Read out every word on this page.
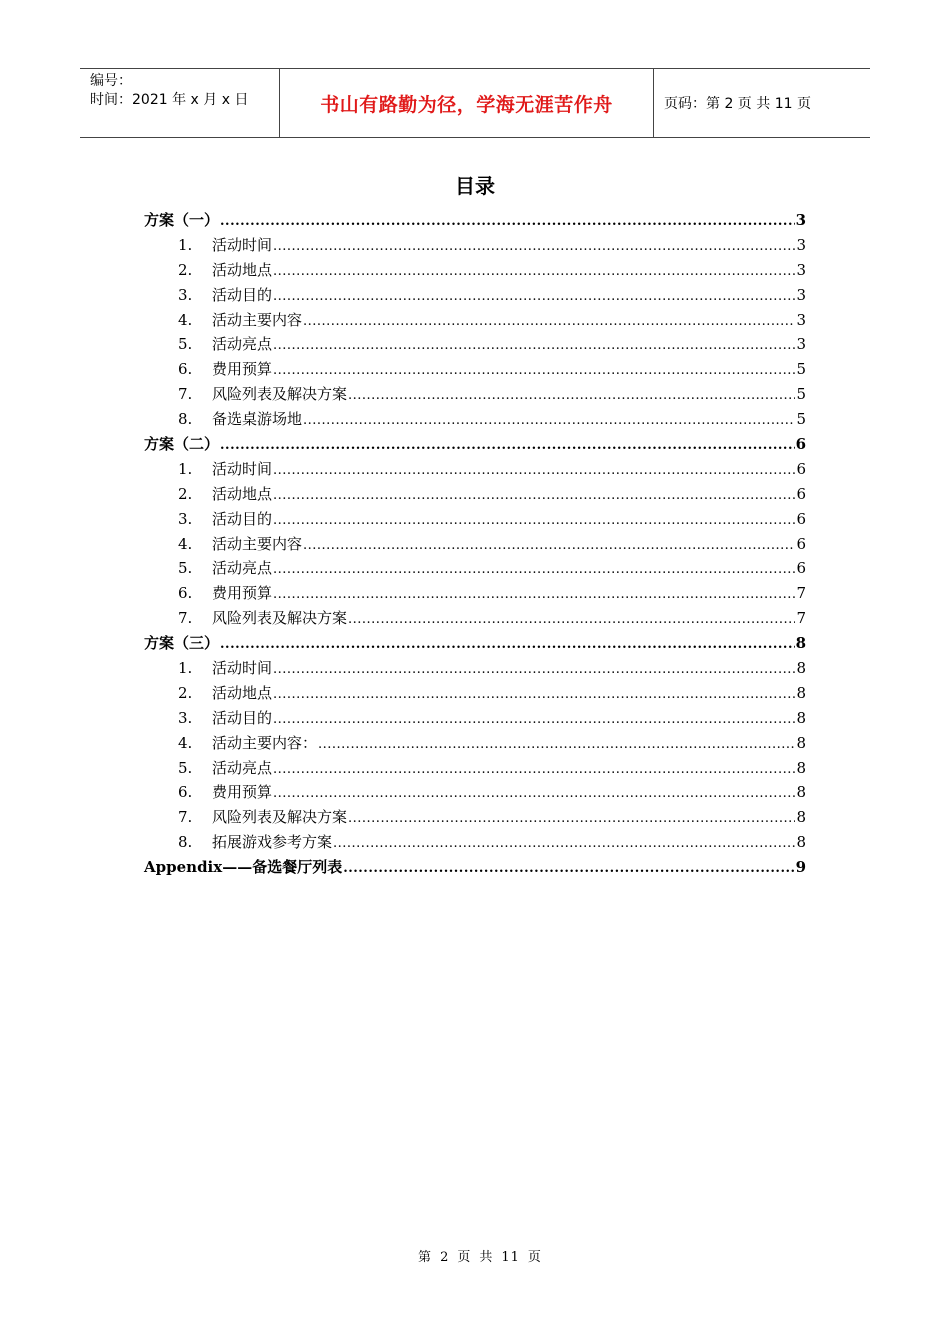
编号：
时间：2021 年 x 月 x 日	书山有路勤为径，学海无涯苦作舟	页码：第 2 页 共 11 页
目录
方案（一） .....	3
1.	活动时间 .....	3
2.	活动地点 .....	3
3.	活动目的 .....	3
4.	活动主要内容 .....	3
5.	活动亮点 .....	3
6.	费用预算 .....	5
7.	风险列表及解决方案 .....	5
8.	备选桌游场地 .....	5
方案（二） .....	6
1.	活动时间 .....	6
2.	活动地点 .....	6
3.	活动目的 .....	6
4.	活动主要内容 .....	6
5.	活动亮点 .....	6
6.	费用预算 .....	7
7.	风险列表及解决方案 .....	7
方案（三） .....	8
1.	活动时间 .....	8
2.	活动地点 .....	8
3.	活动目的 .....	8
4.	活动主要内容： .....	8
5.	活动亮点 .....	8
6.	费用预算 .....	8
7.	风险列表及解决方案 .....	8
8.	拓展游戏参考方案 .....	8
Appendix——备选餐厅列表 .....	9
第 2 页 共 11 页
